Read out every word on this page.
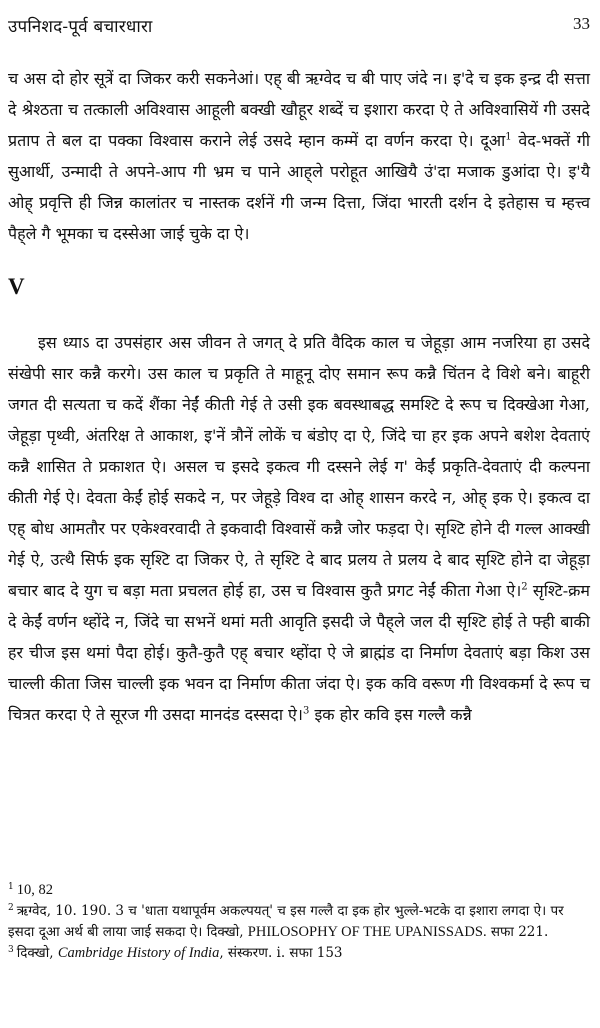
उपनिशद-पूर्व बचारधारा	33

च अस दो होर सूत्रें दा जिकर करी सकनेआं। एह् बी ऋग्वेद च बी पाए जंदे न। इ'दे च इक इन्द्र दी सत्ता दे श्रेश्ठता च तत्काली अविश्वास आहूली बक्खी खौहूर शब्दें च इशारा करदा ऐ ते अविश्वासियें गी उसदे प्रताप ते बल दा पक्का विश्वास कराने लेई उसदे म्हान कम्में दा वर्णन करदा ऐ। दूआ$^1$ वेद-भक्तें गी सुआर्थी, उन्मादी ते अपने-आप गी भ्रम च पाने आह्‌ले परोहूत आखियै उं'दा मजाक डुआंदा ऐ। इ'यै ओह् प्रवृत्ति ही जिन्न कालांतर च नास्तक दर्शनें गी जन्म दित्ता, जिंदा भारती दर्शन दे इतेहास च म्हत्त्व पैह्‌ले गै भूमका च दस्सेआ जाई चुके दा ऐ।

V

इस ध्याऽ दा उपसंहार अस जीवन ते जगत् दे प्रति वैदिक काल च जेहूड़ा आम नजरिया हा उसदे संखेपी सार कन्नै करगे। उस काल च प्रकृति ते माहूनू दोए समान रूप कन्नै चिंतन दे विशे बने। बाहूरी जगत दी सत्यता च कदें शैंका नेईं कीती गेई ते उसी इक बवस्थाबद्ध समश्टि दे रूप च दिक्खेआ गेआ, जेहूड़ा पृथ्वी, अंतरिक्ष ते आकाश, इ'नें त्रौनें लोकें च बंडोए दा ऐ, जिंदे चा हर इक अपने बशेश देवताएं कन्नै शासित ते प्रकाशत ऐ। असल च इसदे इकत्व गी दस्सने लेई ग' केईं प्रकृति-देवताएं दी कल्पना कीती गेई ऐ। देवता केईं होई सकदे न, पर जेहूड़े विश्व दा ओह् शासन करदे न, ओह् इक ऐ। इकत्व दा एह् बोध आमतौर पर एकेश्वरवादी ते इकवादी विश्वासें कन्नै जोर फड़दा ऐ। सृश्टि होने दी गल्ल आक्खी गेई ऐ, उत्थै सिर्फ इक सृश्टि दा जिकर ऐ, ते सृश्टि दे बाद प्रलय ते प्रलय दे बाद सृश्टि होने दा जेहूड़ा बचार बाद दे युग च बड़ा मता प्रचलत होई हा, उस च विश्वास कुतै प्रगट नेईं कीता गेआ ऐ।$^2$ सृश्टि-क्रम दे केईं वर्णन थ्होंदे न, जिंदे चा सभनें थमां मती आवृति इसदी जे पैह्‌ले जल दी सृश्टि होई ते फ्ही बाकी हर चीज इस थमां पैदा होई। कुतै-कुतै एह् बचार थ्होंदा ऐ जे ब्राह्मंड दा निर्माण देवताएं बड़ा किश उस चाल्ली कीता जिस चाल्ली इक भवन दा निर्माण कीता जंदा ऐ। इक कवि वरूण गी विश्वकर्मा दे रूप च चित्रत करदा ऐ ते सूरज गी उसदा मानदंड दस्सदा ऐ।$^3$ इक होर कवि इस गल्लै कन्नै

$^1$ 10, 82

$^2$ ऋग्वेद, 10. 190. 3 च 'धाता यथापूर्वम अकल्पयत्' च इस गल्लै दा इक होर भुल्ले-भटके दा इशारा लगदा ऐ। पर इसदा दूआ अर्थ बी लाया जाई सकदा ऐ। दिक्खो, PHILOSOPHY OF THE UPANISSADS. सफा 221.

$^3$ दिक्खो, Cambridge History of India, संस्करण. i. सफा 153
